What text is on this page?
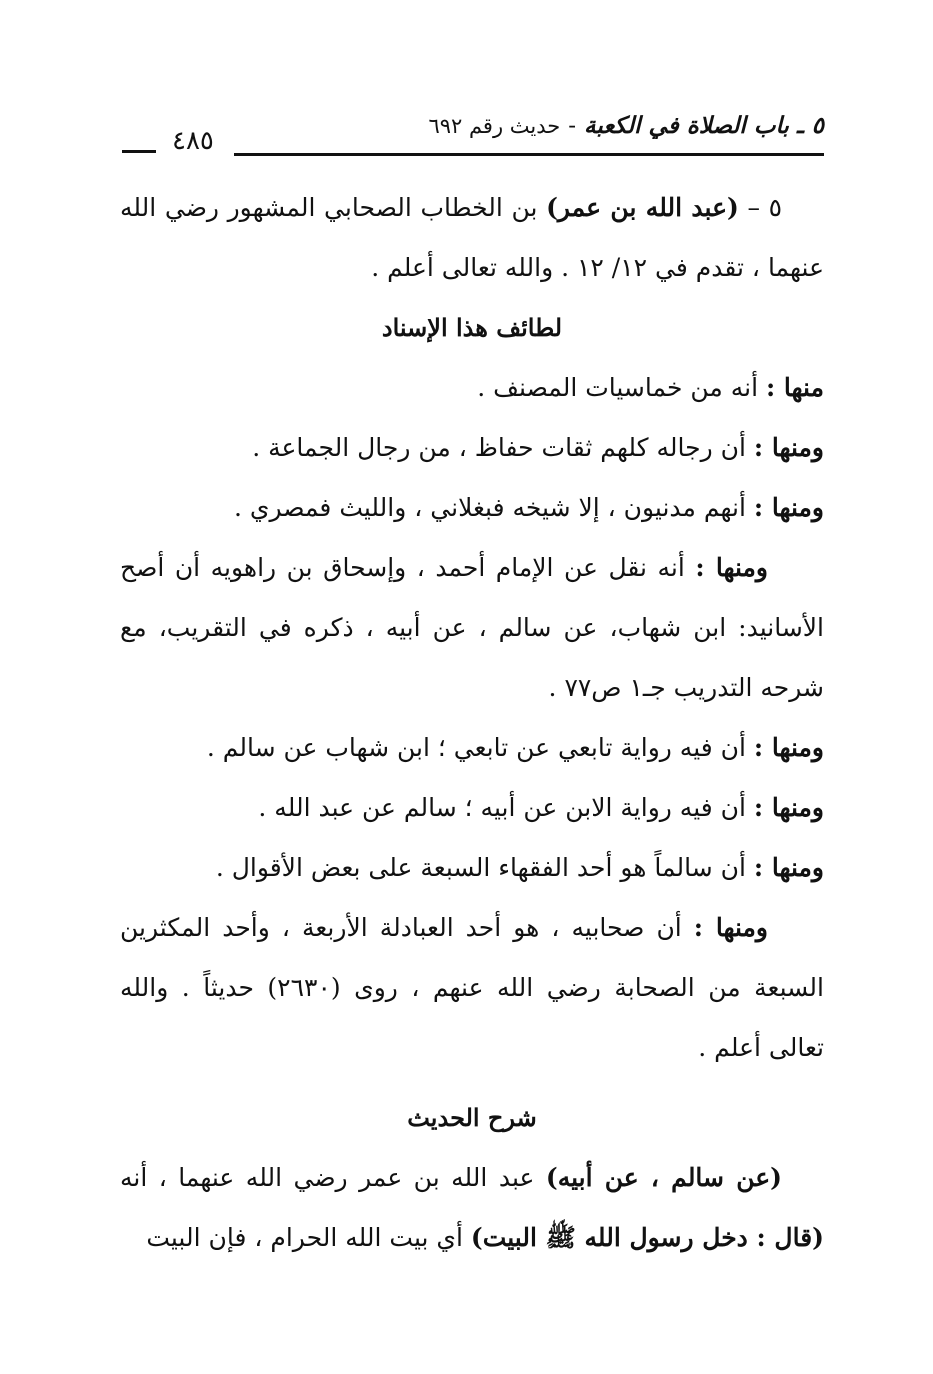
٥ ـ باب الصلاة في الكعبة-حديث رقم ٦٩٢
٤٨٥

٥ – (عبد الله بن عمر) بن الخطاب الصحابي المشهور رضي الله عنهما ، تقدم في ١٢/ ١٢ . والله تعالى أعلم .

لطائف هذا الإسناد

منها : أنه من خماسيات المصنف .

ومنها : أن رجاله كلهم ثقات حفاظ ، من رجال الجماعة .

ومنها : أنهم مدنيون ، إلا شيخه فبغلاني ، والليث فمصري .

ومنها : أنه نقل عن الإمام أحمد ، وإسحاق بن راهويه أن أصح الأسانيد: ابن شهاب، عن سالم ، عن أبيه ، ذكره في التقريب، مع شرحه التدريب جـ١ ص٧٧ .

ومنها : أن فيه رواية تابعي عن تابعي ؛ ابن شهاب عن سالم .

ومنها : أن فيه رواية الابن عن أبيه ؛ سالم عن عبد الله .

ومنها : أن سالماً هو أحد الفقهاء السبعة على بعض الأقوال .

ومنها : أن صحابيه ، هو أحد العبادلة الأربعة ، وأحد المكثرين السبعة من الصحابة رضي الله عنهم ، روى (٢٦٣٠) حديثاً . والله تعالى أعلم .

شرح الحديث

(عن سالم ، عن أبيه) عبد الله بن عمر رضي الله عنهما ، أنه (قال : دخل رسول الله ﷺ البيت) أي بيت الله الحرام ، فإن البيت
